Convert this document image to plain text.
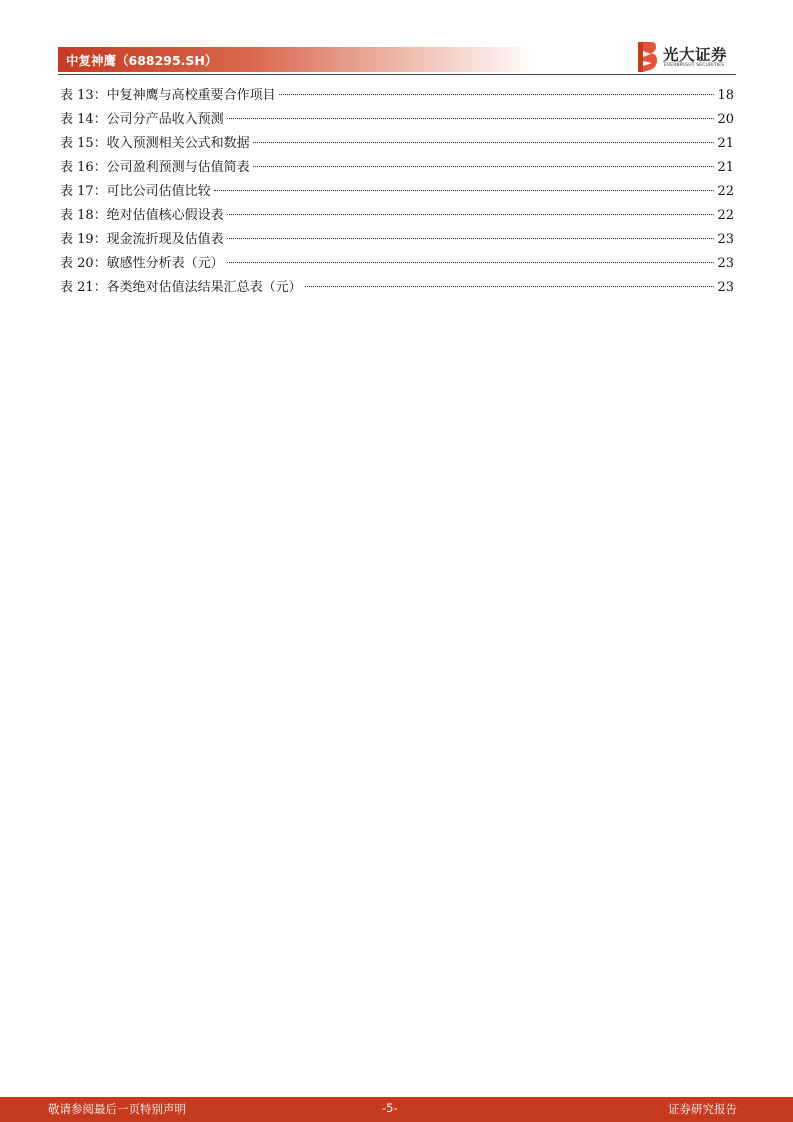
中复神鹰（688295.SH）	光大证券
EVERBRIGHT SECURITIES
表 13：中复神鹰与高校重要合作项目	18
表 14：公司分产品收入预测	20
表 15：收入预测相关公式和数据	21
表 16：公司盈利预测与估值简表	21
表 17：可比公司估值比较	22
表 18：绝对估值核心假设表	22
表 19：现金流折现及估值表	23
表 20：敏感性分析表（元）	23
表 21：各类绝对估值法结果汇总表（元）	23
敬请参阅最后一页特别声明	-5-	证券研究报告
